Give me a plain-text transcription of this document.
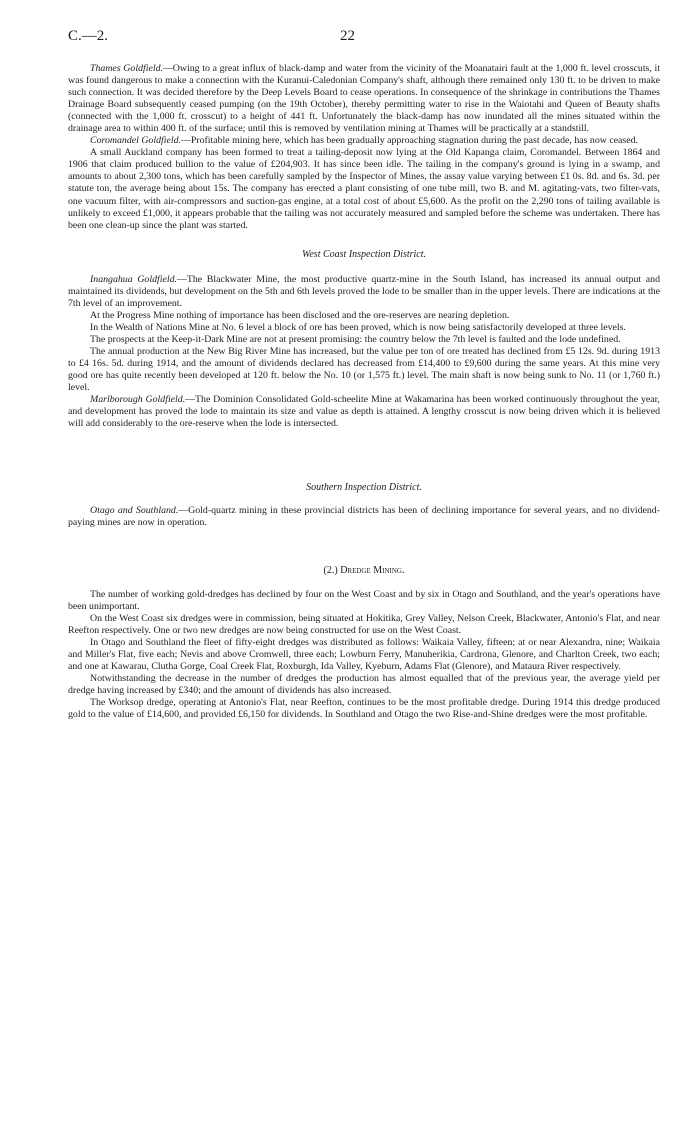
C.—2.	22

Thames Goldfield.—Owing to a great influx of black-damp and water from the vicinity of the Moanatairi fault at the 1,000 ft. level crosscuts, it was found dangerous to make a connection with the Kuranui-Caledonian Company's shaft, although there remained only 130 ft. to be driven to make such connection. It was decided therefore by the Deep Levels Board to cease operations. In consequence of the shrinkage in contributions the Thames Drainage Board subsequently ceased pumping (on the 19th October), thereby permitting water to rise in the Waiotahi and Queen of Beauty shafts (connected with the 1,000 ft. crosscut) to a height of 441 ft. Unfortunately the black-damp has now inundated all the mines situated within the drainage area to within 400 ft. of the surface; until this is removed by ventilation mining at Thames will be practically at a standstill.

Coromandel Goldfield.—Profitable mining here, which has been gradually approaching stagnation during the past decade, has now ceased.

A small Auckland company has been formed to treat a tailing-deposit now lying at the Old Kapanga claim, Coromandel. Between 1864 and 1906 that claim produced bullion to the value of £204,903. It has since been idle. The tailing in the company's ground is lying in a swamp, and amounts to about 2,300 tons, which has been carefully sampled by the Inspector of Mines, the assay value varying between £1 0s. 8d. and 6s. 3d. per statute ton, the average being about 15s. The company has erected a plant consisting of one tube mill, two B. and M. agitating-vats, two filter-vats, one vacuum filter, with air-compressors and suction-gas engine, at a total cost of about £5,600. As the profit on the 2,290 tons of tailing available is unlikely to exceed £1,000, it appears probable that the tailing was not accurately measured and sampled before the scheme was undertaken. There has been one clean-up since the plant was started.

West Coast Inspection District.

Inangahua Goldfield.—The Blackwater Mine, the most productive quartz-mine in the South Island, has increased its annual output and maintained its dividends, but development on the 5th and 6th levels proved the lode to be smaller than in the upper levels. There are indications at the 7th level of an improvement.

At the Progress Mine nothing of importance has been disclosed and the ore-reserves are nearing depletion.

In the Wealth of Nations Mine at No. 6 level a block of ore has been proved, which is now being satisfactorily developed at three levels.

The prospects at the Keep-it-Dark Mine are not at present promising: the country below the 7th level is faulted and the lode undefined.

The annual production at the New Big River Mine has increased, but the value per ton of ore treated has declined from £5 12s. 9d. during 1913 to £4 16s. 5d. during 1914, and the amount of dividends declared has decreased from £14,400 to £9,600 during the same years. At this mine very good ore has quite recently been developed at 120 ft. below the No. 10 (or 1,575 ft.) level. The main shaft is now being sunk to No. 11 (or 1,760 ft.) level.

Marlborough Goldfield.—The Dominion Consolidated Gold-scheelite Mine at Wakamarina has been worked continuously throughout the year, and development has proved the lode to maintain its size and value as depth is attained. A lengthy crosscut is now being driven which it is believed will add considerably to the ore-reserve when the lode is intersected.

Southern Inspection District.

Otago and Southland.—Gold-quartz mining in these provincial districts has been of declining importance for several years, and no dividend-paying mines are now in operation.

(2.) Dredge Mining.

The number of working gold-dredges has declined by four on the West Coast and by six in Otago and Southland, and the year's operations have been unimportant.

On the West Coast six dredges were in commission, being situated at Hokitika, Grey Valley, Nelson Creek, Blackwater, Antonio's Flat, and near Reefton respectively. One or two new dredges are now being constructed for use on the West Coast.

In Otago and Southland the fleet of fifty-eight dredges was distributed as follows: Waikaia Valley, fifteen; at or near Alexandra, nine; Waikaia and Miller's Flat, five each; Nevis and above Cromwell, three each; Lowburn Ferry, Manuherikia, Cardrona, Glenore, and Charlton Creek, two each; and one at Kawarau, Clutha Gorge, Coal Creek Flat, Roxburgh, Ida Valley, Kyeburn, Adams Flat (Glenore), and Mataura River respectively.

Notwithstanding the decrease in the number of dredges the production has almost equalled that of the previous year, the average yield per dredge having increased by £340; and the amount of dividends has also increased.

The Worksop dredge, operating at Antonio's Flat, near Reefton, continues to be the most profitable dredge. During 1914 this dredge produced gold to the value of £14,600, and provided £6,150 for dividends. In Southland and Otago the two Rise-and-Shine dredges were the most profitable.
